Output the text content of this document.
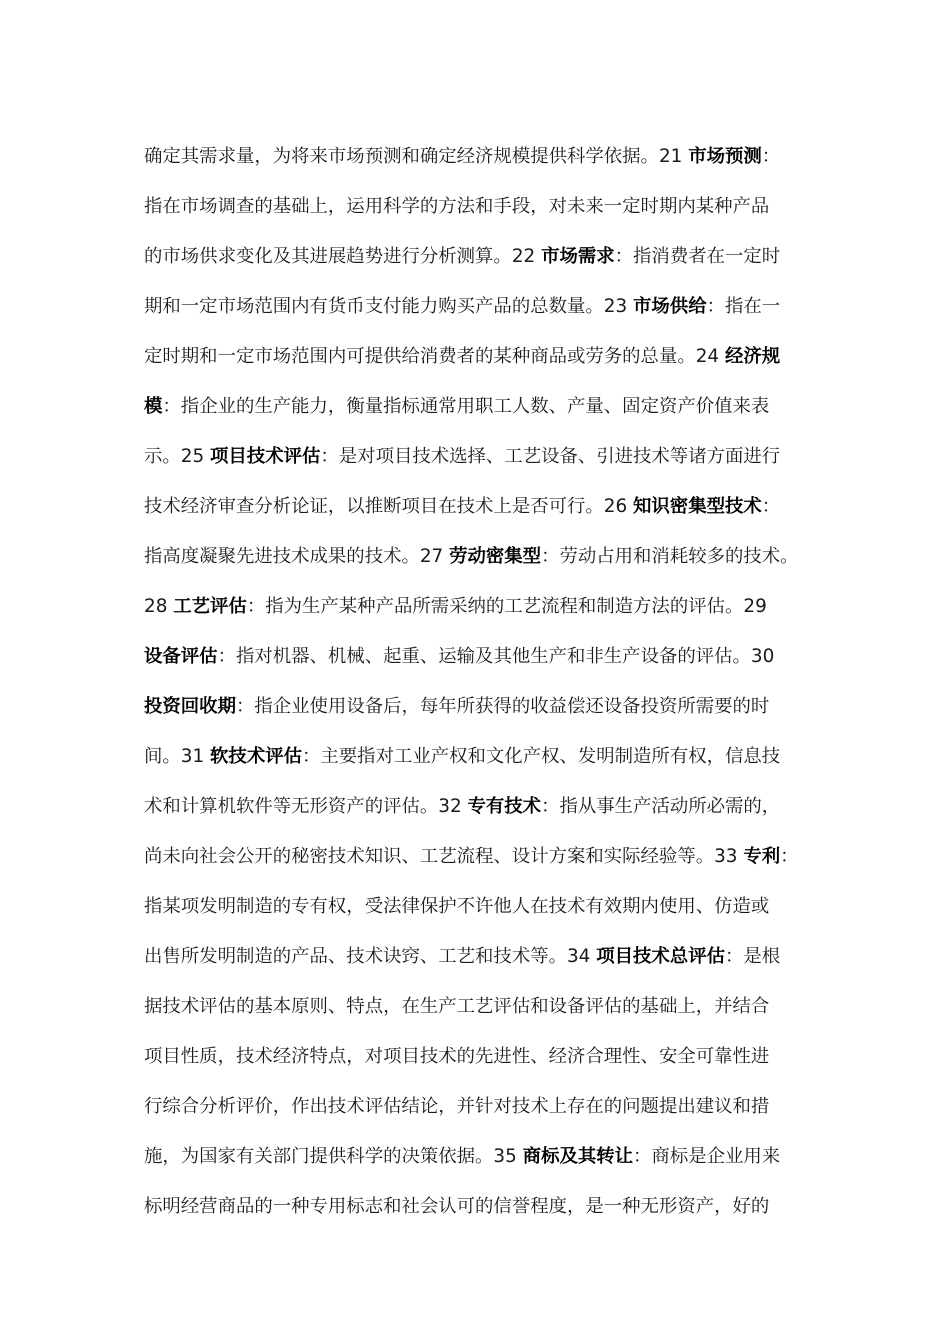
确定其需求量，为将来市场预测和确定经济规模提供科学依据。21 市场预测：
指在市场调查的基础上，运用科学的方法和手段，对未来一定时期内某种产品
的市场供求变化及其进展趋势进行分析测算。22 市场需求：指消费者在一定时
期和一定市场范围内有货币支付能力购买产品的总数量。23 市场供给：指在一
定时期和一定市场范围内可提供给消费者的某种商品或劳务的总量。24 经济规
模：指企业的生产能力，衡量指标通常用职工人数、产量、固定资产价值来表
示。25 项目技术评估：是对项目技术选择、工艺设备、引进技术等诸方面进行
技术经济审查分析论证，以推断项目在技术上是否可行。26 知识密集型技术：
指高度凝聚先进技术成果的技术。27 劳动密集型：劳动占用和消耗较多的技术。
28 工艺评估：指为生产某种产品所需采纳的工艺流程和制造方法的评估。29
设备评估：指对机器、机械、起重、运输及其他生产和非生产设备的评估。30
投资回收期：指企业使用设备后，每年所获得的收益偿还设备投资所需要的时
间。31 软技术评估：主要指对工业产权和文化产权、发明制造所有权，信息技
术和计算机软件等无形资产的评估。32 专有技术：指从事生产活动所必需的，
尚未向社会公开的秘密技术知识、工艺流程、设计方案和实际经验等。33 专利：
指某项发明制造的专有权，受法律保护不许他人在技术有效期内使用、仿造或
出售所发明制造的产品、技术诀窍、工艺和技术等。34 项目技术总评估：是根
据技术评估的基本原则、特点，在生产工艺评估和设备评估的基础上，并结合
项目性质，技术经济特点，对项目技术的先进性、经济合理性、安全可靠性进
行综合分析评价，作出技术评估结论，并针对技术上存在的问题提出建议和措
施，为国家有关部门提供科学的决策依据。35 商标及其转让：商标是企业用来
标明经营商品的一种专用标志和社会认可的信誉程度，是一种无形资产，好的
